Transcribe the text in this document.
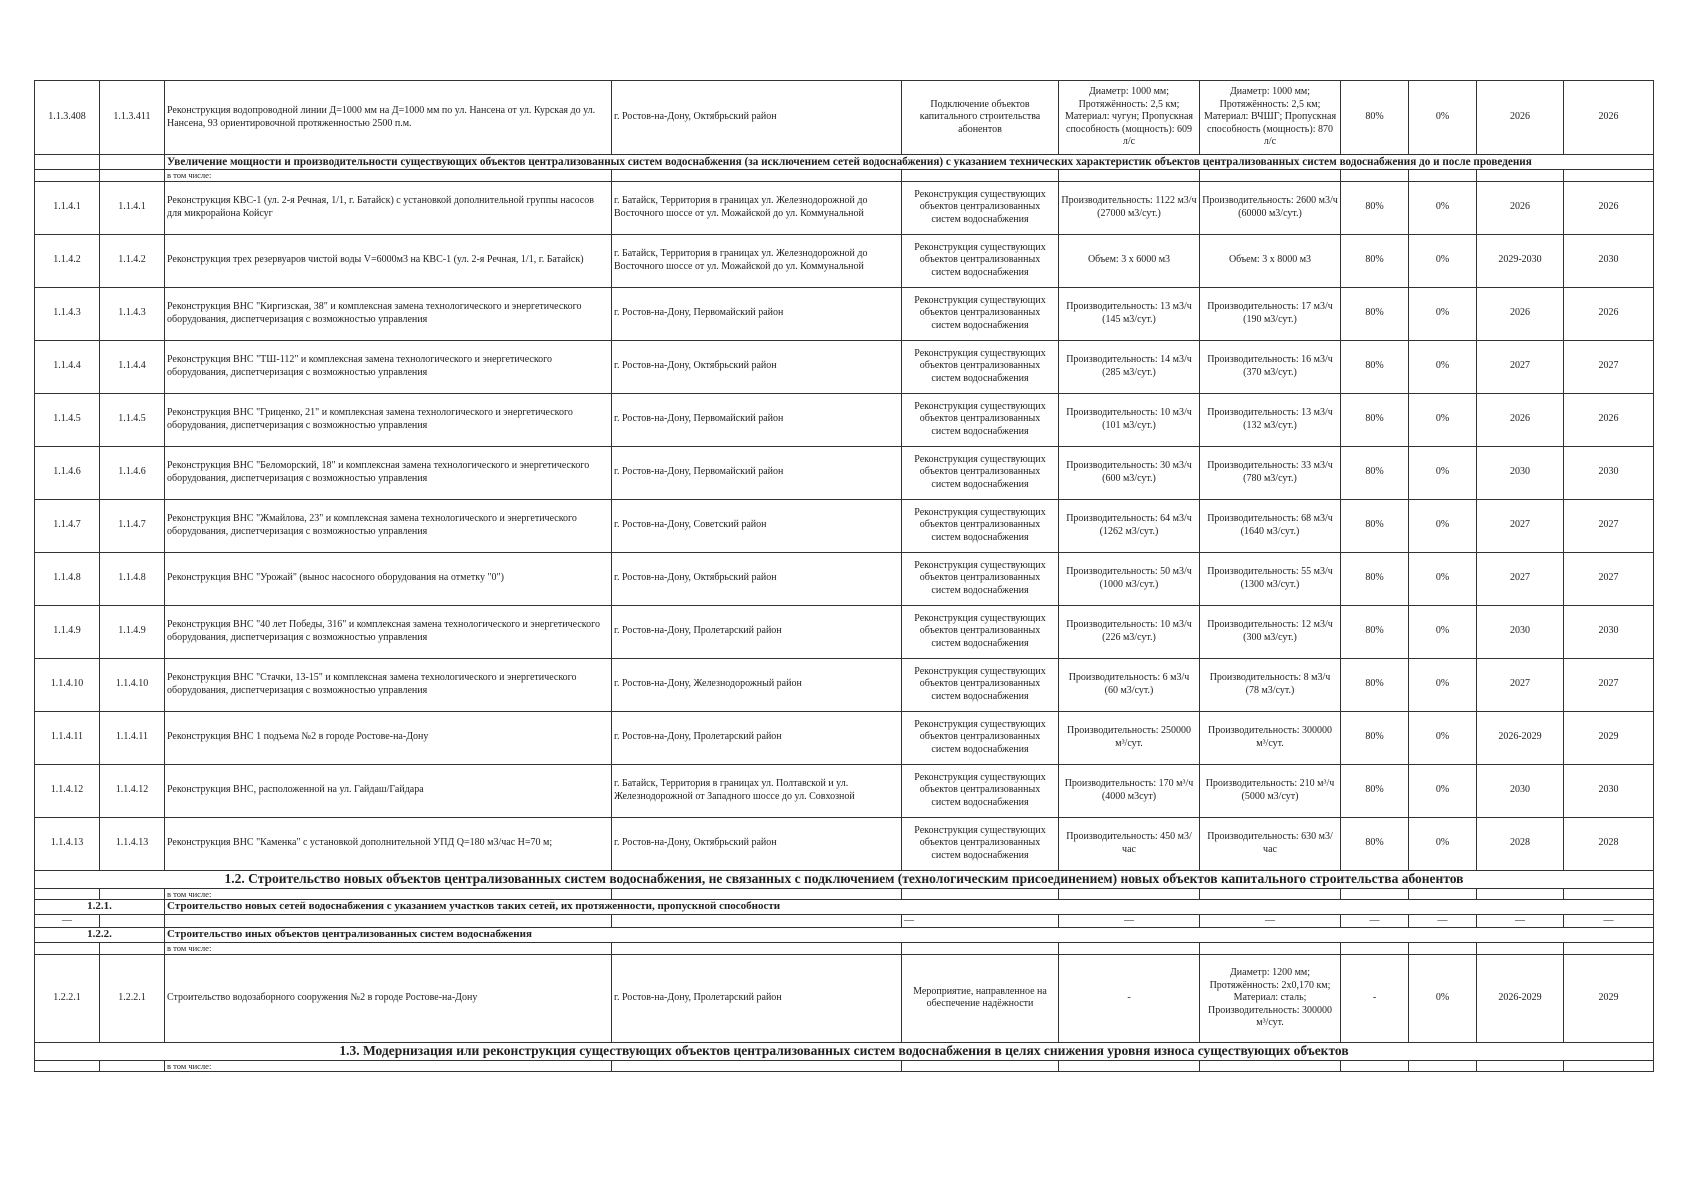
1.1.3.408	1.1.3.411	Реконструкция водопроводной линии Д=1000 мм на Д=1000 мм по ул. Нансена от ул. Курская до ул. Нансена, 93 ориентировочной протяженностью 2500 п.м.	г. Ростов-на-Дону, Октябрьский район	Подключение объектов капитального строительства абонентов	Диаметр: 1000 мм; Протяжённость: 2,5 км; Материал: чугун; Пропускная способность (мощность): 609 л/с	Диаметр: 1000 мм; Протяжённость: 2,5 км; Материал: ВЧШГ; Пропускная способность (мощность): 870 л/с	80%	0%	2026	2026
		Увеличение мощности и производительности существующих объектов централизованных систем водоснабжения (за исключением сетей водоснабжения) с указанием технических характеристик объектов централизованных систем водоснабжения до и после проведения								
		в том числе:								
1.1.4.1	1.1.4.1	Реконструкция КВС-1 (ул. 2-я Речная, 1/1, г. Батайск) с установкой дополнительной группы насосов для микрорайона Койсуг	г. Батайск, Территория в границах ул. Железнодорожной до Восточного шоссе от ул. Можайской до ул. Коммунальной	Реконструкция существующих объектов централизованных систем водоснабжения	Производительность: 1122 м3/ч (27000 м3/сут.)	Производительность: 2600 м3/ч (60000 м3/сут.)	80%	0%	2026	2026
1.1.4.2	1.1.4.2	Реконструкция трех резервуаров чистой воды V=6000м3 на КВС-1 (ул. 2-я Речная, 1/1, г. Батайск)	г. Батайск, Территория в границах ул. Железнодорожной до Восточного шоссе от ул. Можайской до ул. Коммунальной	Реконструкция существующих объектов централизованных систем водоснабжения	Объем: 3 х 6000 м3	Объем: 3 х 8000 м3	80%	0%	2029-2030	2030
1.1.4.3	1.1.4.3	Реконструкция ВНС "Киргизская, 38" и комплексная замена технологического и энергетического оборудования, диспетчеризация с возможностью управления	г. Ростов-на-Дону, Первомайский район	Реконструкция существующих объектов централизованных систем водоснабжения	Производительность: 13 м3/ч (145 м3/сут.)	Производительность: 17 м3/ч (190 м3/сут.)	80%	0%	2026	2026
1.1.4.4	1.1.4.4	Реконструкция ВНС "ТШ-112" и комплексная замена технологического и энергетического оборудования, диспетчеризация с возможностью управления	г. Ростов-на-Дону, Октябрьский район	Реконструкция существующих объектов централизованных систем водоснабжения	Производительность: 14 м3/ч (285 м3/сут.)	Производительность: 16 м3/ч (370 м3/сут.)	80%	0%	2027	2027
1.1.4.5	1.1.4.5	Реконструкция ВНС "Гриценко, 21" и комплексная замена технологического и энергетического оборудования, диспетчеризация с возможностью управления	г. Ростов-на-Дону, Первомайский район	Реконструкция существующих объектов централизованных систем водоснабжения	Производительность: 10 м3/ч (101 м3/сут.)	Производительность: 13 м3/ч (132 м3/сут.)	80%	0%	2026	2026
1.1.4.6	1.1.4.6	Реконструкция ВНС "Беломорский, 18" и комплексная замена технологического и энергетического оборудования, диспетчеризация с возможностью управления	г. Ростов-на-Дону, Первомайский район	Реконструкция существующих объектов централизованных систем водоснабжения	Производительность: 30 м3/ч (600 м3/сут.)	Производительность: 33 м3/ч (780 м3/сут.)	80%	0%	2030	2030
1.1.4.7	1.1.4.7	Реконструкция ВНС "Жмайлова, 23" и комплексная замена технологического и энергетического оборудования, диспетчеризация с возможностью управления	г. Ростов-на-Дону, Советский район	Реконструкция существующих объектов централизованных систем водоснабжения	Производительность: 64 м3/ч (1262 м3/сут.)	Производительность: 68 м3/ч (1640 м3/сут.)	80%	0%	2027	2027
1.1.4.8	1.1.4.8	Реконструкция ВНС "Урожай" (вынос насосного оборудования на отметку "0")	г. Ростов-на-Дону, Октябрьский район	Реконструкция существующих объектов централизованных систем водоснабжения	Производительность: 50 м3/ч (1000 м3/сут.)	Производительность: 55 м3/ч (1300 м3/сут.)	80%	0%	2027	2027
1.1.4.9	1.1.4.9	Реконструкция ВНС "40 лет Победы, 316" и комплексная замена технологического и энергетического оборудования, диспетчеризация с возможностью управления	г. Ростов-на-Дону, Пролетарский район	Реконструкция существующих объектов централизованных систем водоснабжения	Производительность: 10 м3/ч (226 м3/сут.)	Производительность: 12 м3/ч (300 м3/сут.)	80%	0%	2030	2030
1.1.4.10	1.1.4.10	Реконструкция ВНС "Стачки, 13-15" и комплексная замена технологического и энергетического оборудования, диспетчеризация с возможностью управления	г. Ростов-на-Дону, Железнодорожный район	Реконструкция существующих объектов централизованных систем водоснабжения	Производительность: 6 м3/ч (60 м3/сут.)	Производительность: 8 м3/ч (78 м3/сут.)	80%	0%	2027	2027
1.1.4.11	1.1.4.11	Реконструкция ВНС 1 подъема №2 в городе Ростове-на-Дону	г. Ростов-на-Дону, Пролетарский район	Реконструкция существующих объектов централизованных систем водоснабжения	Производительность: 250000 м³/сут.	Производительность: 300000 м³/сут.	80%	0%	2026-2029	2029
1.1.4.12	1.1.4.12	Реконструкция ВНС, расположенной на ул. Гайдаш/Гайдара	г. Батайск, Территория в границах ул. Полтавской и ул. Железнодорожной от Западного шоссе до ул. Совхозной	Реконструкция существующих объектов централизованных систем водоснабжения	Производительность: 170 м³/ч (4000 м3сут)	Производительность: 210 м³/ч (5000 м3/сут)	80%	0%	2030	2030
1.1.4.13	1.1.4.13	Реконструкция ВНС "Каменка" с установкой дополнительной УПД Q=180 м3/час H=70 м;	г. Ростов-на-Дону, Октябрьский район	Реконструкция существующих объектов централизованных систем водоснабжения	Производительность: 450 м3/час	Производительность: 630 м3/час	80%	0%	2028	2028
1.2. Строительство новых объектов централизованных систем водоснабжения, не связанных с подключением (технологическим присоединением) новых объектов капитального строительства абонентов										
		в том числе:								
1.2.1.		Строительство новых сетей водоснабжения с указанием участков таких сетей, их протяженности, пропускной способности								
—				—	—	—	—	—	—	—
1.2.2.		Строительство иных объектов централизованных систем водоснабжения								
		в том числе:								
1.2.2.1	1.2.2.1	Строительство водозаборного сооружения №2 в городе Ростове-на-Дону	г. Ростов-на-Дону, Пролетарский район	Мероприятие, направленное на обеспечение надёжности	-	Диаметр: 1200 мм; Протяжённость: 2х0,170 км; Материал: сталь; Производительность: 300000 м³/сут.	-	0%	2026-2029	2029
1.3. Модернизация или реконструкция существующих объектов централизованных систем водоснабжения в целях снижения уровня износа существующих объектов										
		в том числе:								
